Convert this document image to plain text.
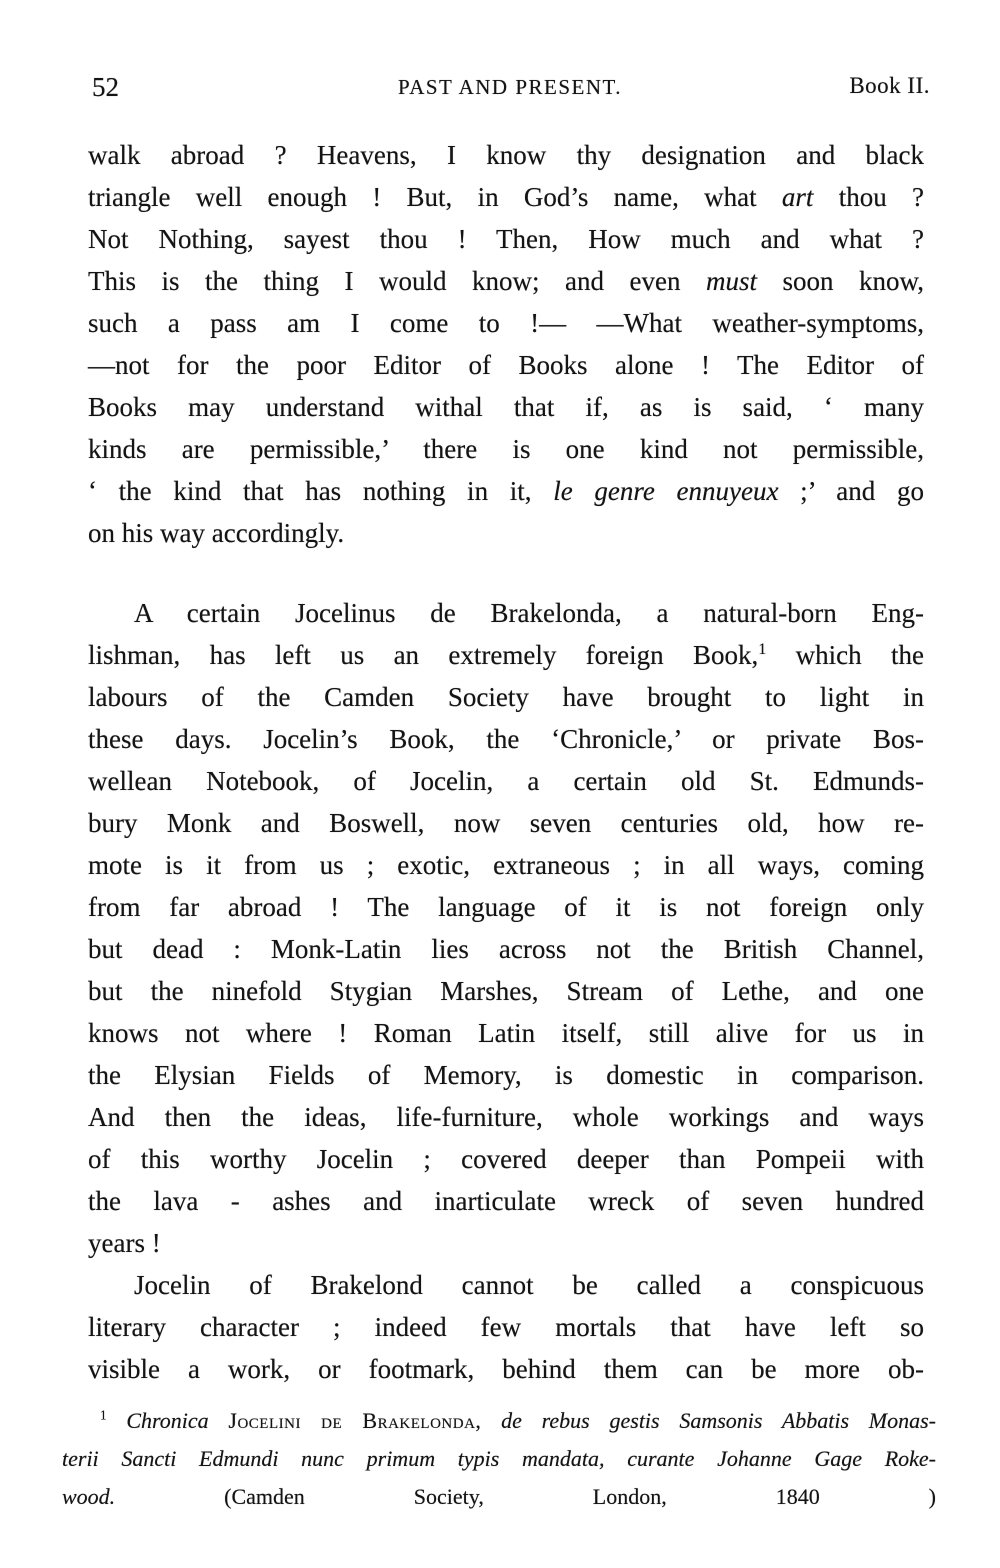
52	PAST AND PRESENT.	Book II.
walk abroad ? Heavens, I know thy designation and black
triangle well enough ! But, in God’s name, what art thou ?
Not Nothing, sayest thou ! Then, How much and what ?
This is the thing I would know; and even must soon know,
such a pass am I come to !— —What weather-symptoms,
—not for the poor Editor of Books alone ! The Editor of
Books may understand withal that if, as is said, ‘ many
kinds are permissible,’ there is one kind not permissible,
‘ the kind that has nothing in it, le genre ennuyeux ;’ and go
on his way accordingly.
A certain Jocelinus de Brakelonda, a natural-born Eng-
lishman, has left us an extremely foreign Book,$^1$ which the
labours of the Camden Society have brought to light in
these days. Jocelin’s Book, the ‘Chronicle,’ or private Bos-
wellean Notebook, of Jocelin, a certain old St. Edmunds-
bury Monk and Boswell, now seven centuries old, how re-
mote is it from us ; exotic, extraneous ; in all ways, coming
from far abroad ! The language of it is not foreign only
but dead : Monk-Latin lies across not the British Channel,
but the ninefold Stygian Marshes, Stream of Lethe, and one
knows not where ! Roman Latin itself, still alive for us in
the Elysian Fields of Memory, is domestic in comparison.
And then the ideas, life-furniture, whole workings and ways
of this worthy Jocelin ; covered deeper than Pompeii with
the lava - ashes and inarticulate wreck of seven hundred
years !
Jocelin of Brakelond cannot be called a conspicuous
literary character ; indeed few mortals that have left so
visible a work, or footmark, behind them can be more ob-
$^1$ Chronica Jocelini de Brakelonda, de rebus gestis Samsonis Abbatis Monas-
terii Sancti Edmundi nunc primum typis mandata, curante Johanne Gage Roke-
wood. (Camden Society, London, 1840 )
